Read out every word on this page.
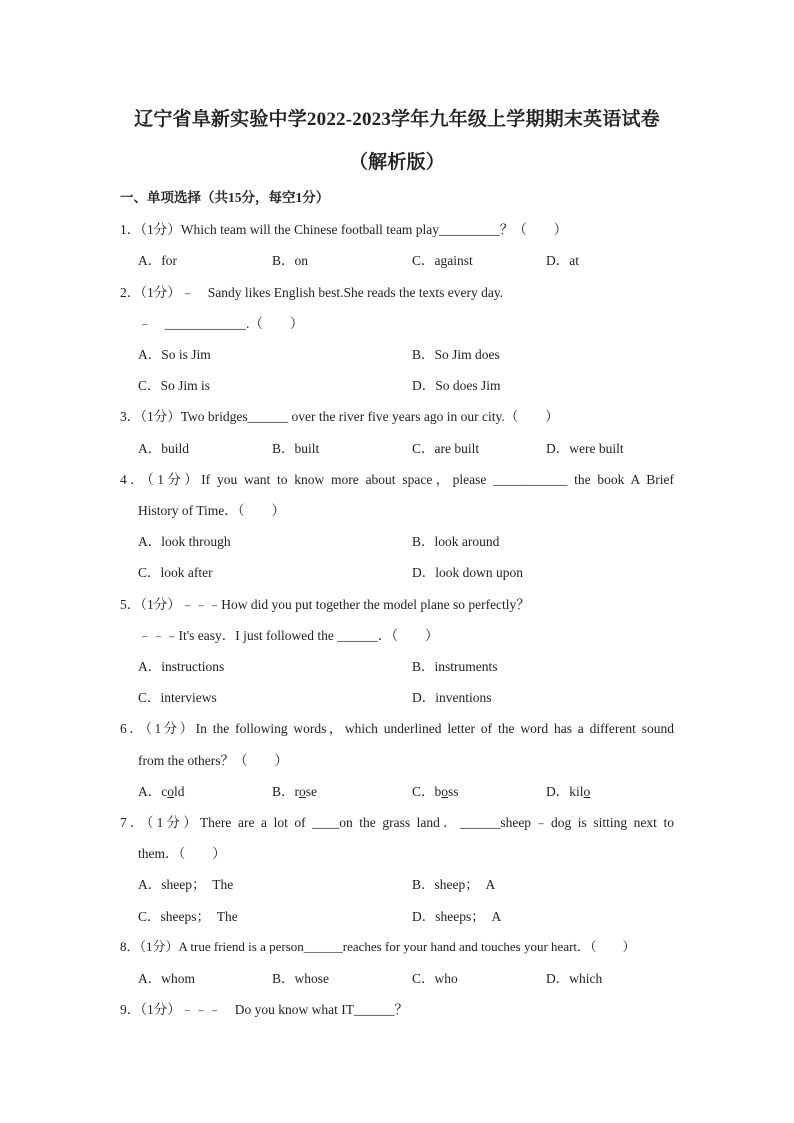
辽宁省阜新实验中学2022-2023学年九年级上学期期末英语试卷
（解析版）
一、单项选择（共15分，每空1分）
1．（1分）Which team will the Chinese football team play_________？（　　）
A．for	B．on	C．against	D．at
2．（1分）﹣　Sandy likes English best.She reads the texts every day.
﹣　____________.（　　）
A．So is Jim	B．So Jim does
C．So Jim is	D．So does Jim
3．（1分）Two bridges______ over the river five years ago in our city.（　　）
A．build	B．built	C．are built	D．were built
4．（1分）If you want to know more about space，please ___________ the book A Brief
History of Time．（　　）
A．look through	B．look around
C．look after	D．look down upon
5．（1分）﹣﹣﹣How did you put together the model plane so perfectly？
﹣﹣﹣It's easy．I just followed the ______．（　　）
A．instructions	B．instruments
C．interviews	D．inventions
6．（1分）In the following words，which underlined letter of the word has a different sound
from the others？（　　）
A．cold	B．rose	C．boss	D．kilo
7．（1分）There are a lot of ____on the grass land．______sheep﹣dog is sitting next to
them．（　　）
A．sheep；　The	B．sheep；　A
C．sheeps；　The	D．sheeps；　A
8．（1分）A true friend is a person______reaches for your hand and touches your heart．（　　）
A．whom	B．whose	C．who	D．which
9．（1分）﹣﹣﹣　Do you know what IT______？
